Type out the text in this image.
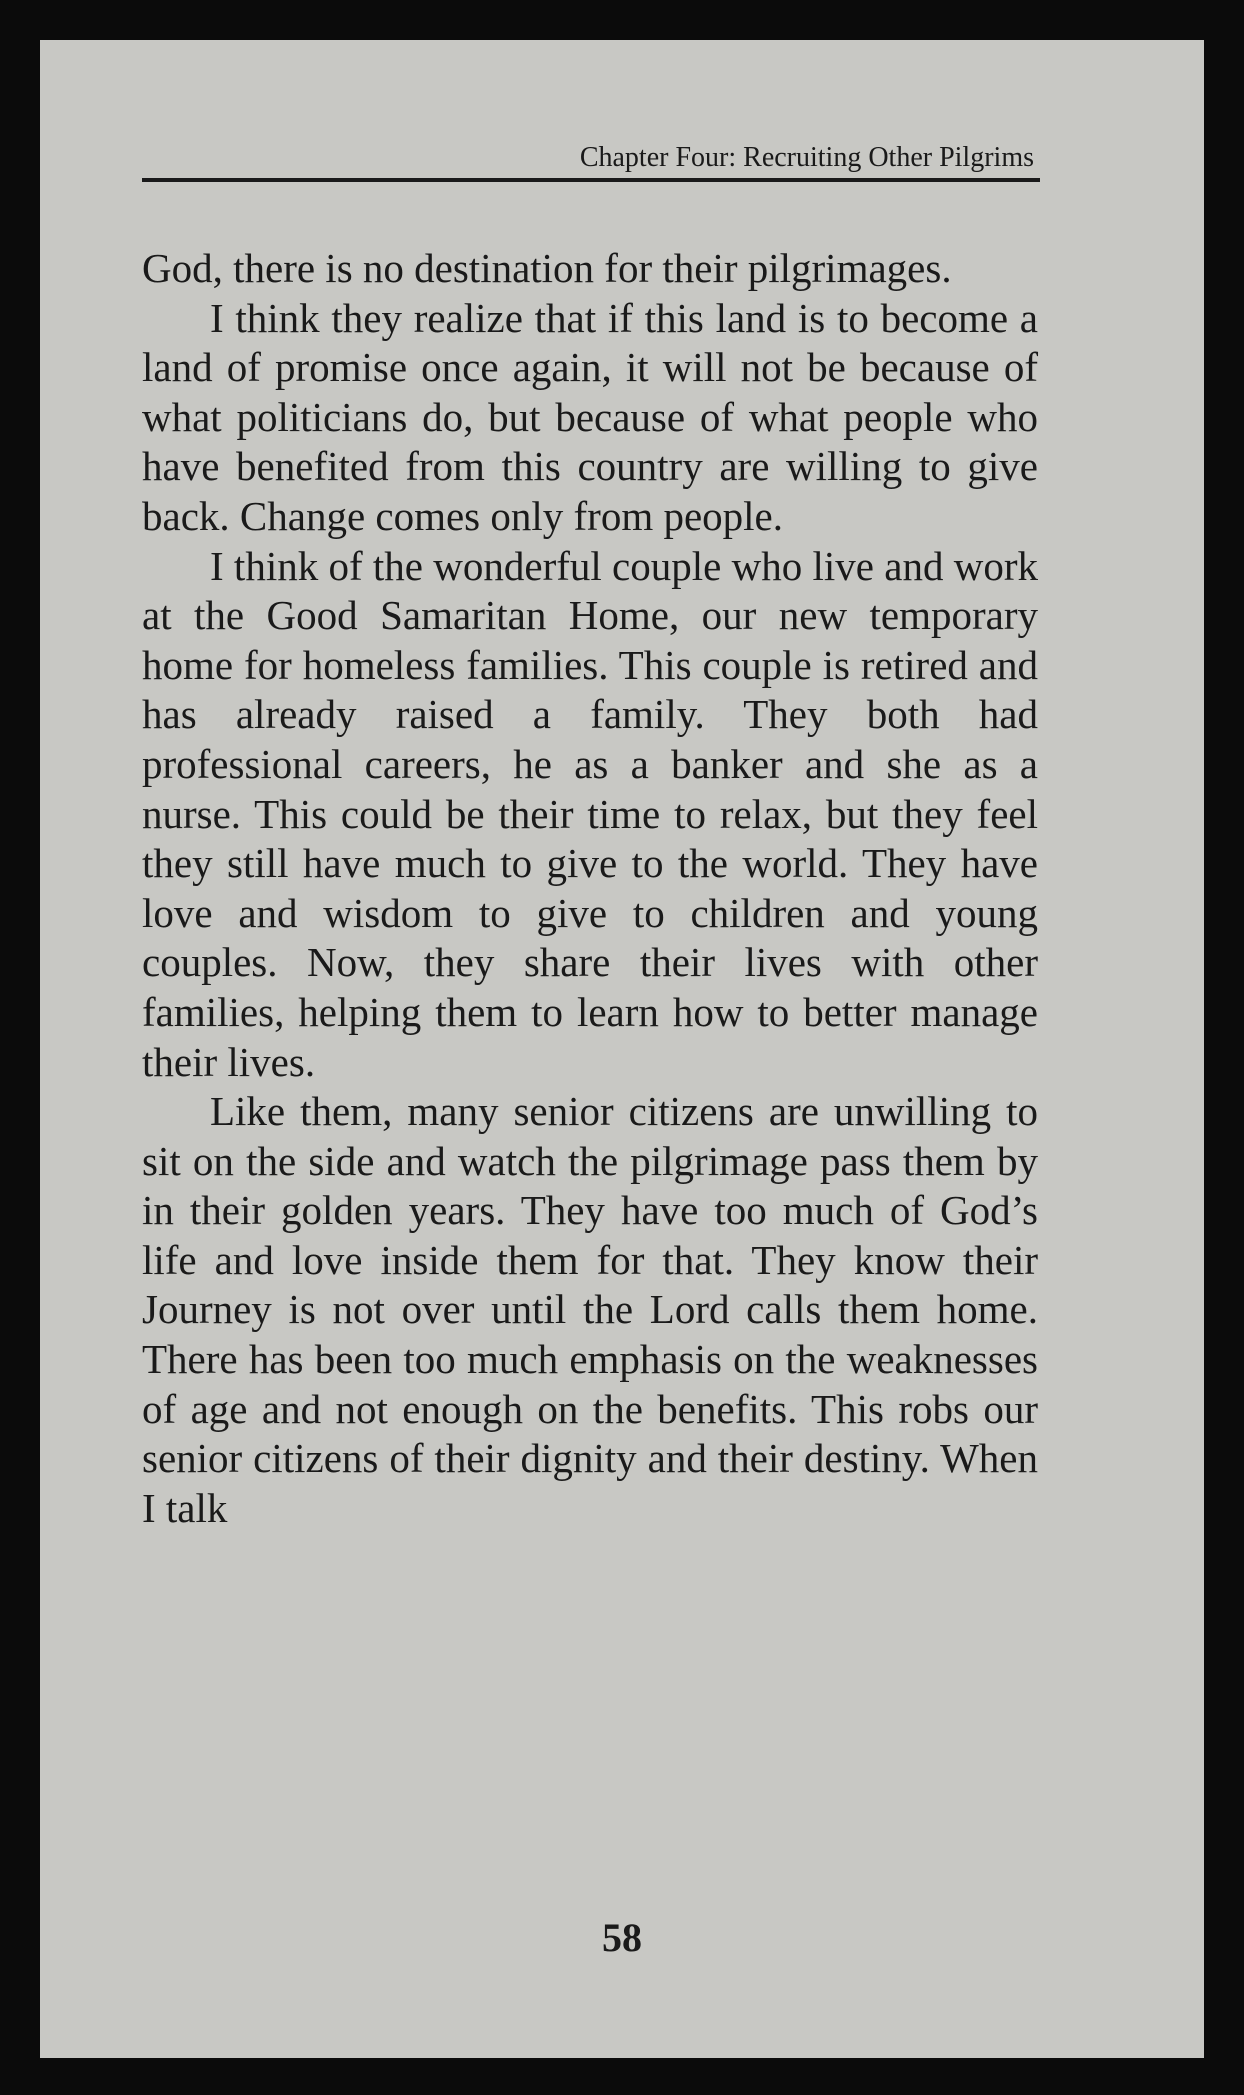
Chapter Four: Recruiting Other Pilgrims

God, there is no destination for their pilgrimages.

I think they realize that if this land is to become a land of promise once again, it will not be because of what politicians do, but because of what people who have benefited from this country are willing to give back. Change comes only from people.

I think of the wonderful couple who live and work at the Good Samaritan Home, our new temporary home for homeless families. This couple is retired and has already raised a family. They both had professional careers, he as a banker and she as a nurse. This could be their time to relax, but they feel they still have much to give to the world. They have love and wisdom to give to children and young couples. Now, they share their lives with other families, helping them to learn how to better manage their lives.

Like them, many senior citizens are unwilling to sit on the side and watch the pilgrimage pass them by in their golden years. They have too much of God’s life and love inside them for that. They know their Journey is not over until the Lord calls them home. There has been too much emphasis on the weaknesses of age and not enough on the benefits. This robs our senior citizens of their dignity and their destiny. When I talk

58
